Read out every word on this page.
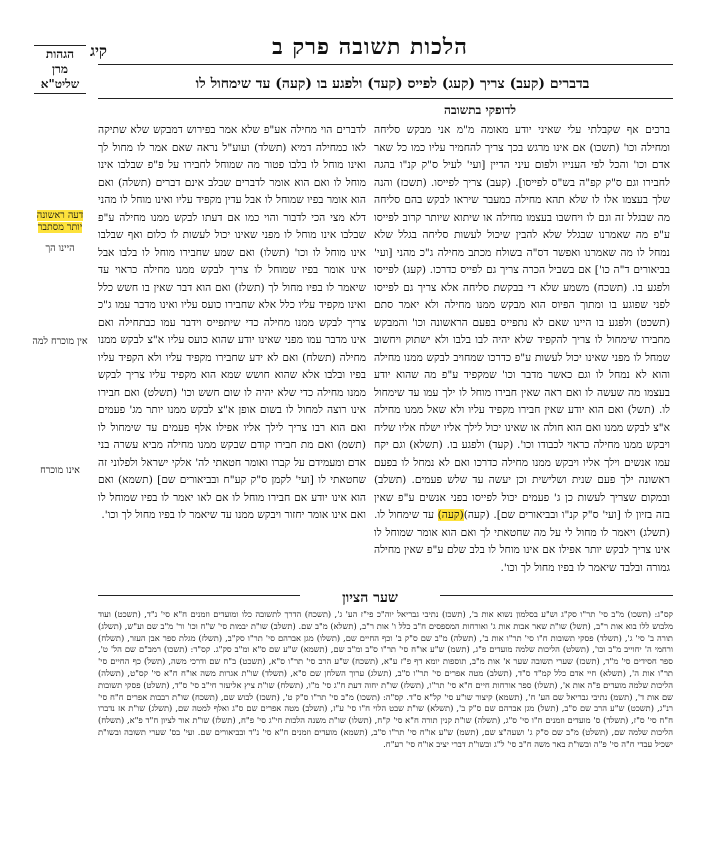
הגהות
מרן
שליט"א
קיג	הלכות תשובה פרק ב
בדברים (קעב) צריך (קעג) לפייס (קעד) ולפגע בו (קעה) עד שימחול לו
לדופקי בתשובה

ברכים אף שקבלתי עלי שאיני יודע מאומה מ"מ אני מבקש סליחה ומחילה וכו' (תשכו) אם אינו מרגש בכך צריך להחמיר עליו כמו כל שאר אדם וכו' והכל לפי הענייו ולפום עיני הדיין [ועי' לעיל ס"ק קנ"ו בהגה לחבירו וגם ס"ק קפ"ה בש"ס לפייסו]. (קעב) צריך לפייסו. (תשכז) והנה שלך בעצמו אלו לו שלא תהא מחילה כמעבר שיראו לבקש בהם סליחה מה שבגלל זה וגם לו ויחשבו בעצמו מחילה או שיתוא שיותר קרוב לפייסו ע"פ מה שאמרנו שבגלל שלא להבין שיכול לעשות סליחה בגלל שלא נמחל לו מה שאמרנו ואפשר דס"ה בשולח מכתב מחילה ג"כ מהני [ועי' בביאורים ד"ה כו'] אם בשביל הכרה צריך גם לפייס כדרכו. (קעג) לפייסו ולפגע בו. (תשכח) משמע שלא די בבקשת סליחה אלא צריך גם לפייסו לפני שפוגע בו ומתוך הפיוס הוא מבקש ממנו מחילה ולא יאמר סתם (תשכט) ולפגע בו היינו שאם לא נתפייס בפעם הראשונה וכו' והמבקש מחבירו שימחול לו צריך להקפיד שלא יהיה לבו בלבו ולא ישתוק ויחשוב שמחל לו מפני שאינו יכול לעשות ע"פ כדרכו שמחויב לבקש ממנו מחילה והוא לא נמחל לו וגם כאשר מדבר וכו' שמקפיד ע"פ מה שהוא יודע בעצמו מה שעשה לו ואם ראה שאין חבירו מוחל לו ילך עמו עד שימחול לו. (תשל) ואם הוא יודע שאין חבירו מקפיד עליו ולא שאל ממנו מחילה א"צ לבקש ממנו ואם הוא חולה או שאינו יכול לילך אליו ישלח אליו שליח ויבקש ממנו מחילה כראוי לכבודו וכו'. (קעד) ולפגע בו. (תשלא) וגם יקח עמו אנשים וילך אליו ויבקש ממנו מחילה כדרכו ואם לא נמחל לו בפעם ראשונה ילך פעם שנית ושלישית וכן יעשה עד שלש פעמים. (תשלב) ובמקום שצריך לעשות כן ג' פעמים יכול לפייסו בפני אנשים ע"פ שאין בזה בזיון לו [ועי' ס"ק קנ"ו ובביאורים שם]. (קעה)(קעה) עד שימחול לו. (תשלג) ויאמר לו מחול לי על מה שחטאתי לך ואם הוא אומר שמוחל לו אינו צריך לבקש יותר אפילו אם אינו מוחל לו בלב שלם ע"פ שאין מחילה גמורה ובלבד שיאמר לו בפיו מחול לך וכו'.

לדברים הוי מחילה אע"פ שלא אמר בפירוש דמבקש שלא שתיקה לאו כמחילה דמיא (תשלד) ועוע"ל נראה שאם אמר לו מחול לך ואינו מוחל לו בלבו פטור מה שמוחל לחבירו על פ"פ שבלבו אינו מוחל לו ואם הוא אומר לדברים שבלב אינם דברים (תשלה) ואם הוא אומר בפיו שמוחל לו אבל עדין מקפיד עליו ואינו מוחל לו מהני דלא מצי הכי לדבור והוי כמו אם דעתו לבקש ממנו מחילה ע"פ שבלבו אינו מוחל לו מפני שאינו יכול לעשות לו כלום ואף שבלבו אינו מוחל לו וכו' (תשלו) ואם שמע שחבירו מוחל לו בלבו אבל אינו אומר בפיו שמוחל לו צריך לבקש ממנו מחילה כראוי עד שיאמר לו בפיו מחול לך (תשלז) ואם הוא דבר שאין בו חשש כלל ואינו מקפיד עליו כלל אלא שחבירו כועס עליו ואינו מדבר עמו ג"כ צריך לבקש ממנו מחילה כדי שיתפייס וידבר עמו כבתחילה ואם אינו מדבר עמו מפני שאינו יודע שהוא כועס עליו א"צ לבקש ממנו מחילה (תשלח) ואם לא ידע שחבירו מקפיד עליו ולא הקפיד עליו בפיו ובלבו אלא שהוא חושש שמא הוא מקפיד עליו צריך לבקש ממנו מחילה כדי שלא יהיה לו שום חשש וכו' (תשלט) ואם חבירו אינו רוצה למחול לו בשום אופן א"צ לבקש ממנו יותר מג' פעמים ואם הוא רבו צריך לילך אליו אפילו אלף פעמים עד שימחול לו (תשמ) ואם מת חבירו קודם שבקש ממנו מחילה מביא עשרה בני אדם ומעמידם על קברו ואומר חטאתי לה' אלקי ישראל ולפלוני זה שחטאתי לו [ועי' לקמן ס"ק קע"ח ובביאורים שם] (תשמא) ואם הוא אינו יודע אם חבירו מוחל לו אם לאו יאמר לו בפיו שמוחל לו ואם אינו אומר יחזור ויבקש ממנו עד שיאמר לו בפיו מחול לך וכו'.

דעה ראשונה יותר מסתבר
היינו הך
אין מוכרח למה
אינו מוכרח
שער הציון

קס"ג: (תשכו) מ"ב סי' תר"ו סק"ג וש"ע בסלמון נשוא אות ב', (תשכז) נתיבי גבריאל יוה"כ פי"ז הע' ג', (תשכח) הדרך לתשובה כלו ומועדים וזמנים ח"א סי' נ"ד, (תשכט) ועוד מלבוש ללו בוא אות ר"ב, (תשל) שו"ת שאר אבות אות ג' ואורחות המספסים ח"ב כלל ו' אות ר"ב, (תשלא) מ"ב שם. (תשלב) שו"ת יבמות סי' ש"ח וכו' ור' מ"ב שם וע"ש, (תשלג) תורה ב' סי' ג', (תשלד) פסקי תשובות ח"ו סי' תר"ו אות ב', (תשלה) מ"ב שם ס"ק ב' וכף החיים שם, (תשלו) מגן אברהם סי' תר"ו סק"ב, (תשלז) מגלת ספר אבן העזר, (תשלח) ורחמי ה' יחוייב מ"ב וכו', (תשלט) הליכות שלמה מועדים פ"ג, (תשמ) ש"ע או"ח סי' תר"ו ס"ב ומ"ב שם, (תשמא) ש"ע שם ס"א ומ"ב סק"ג. קס"ד: (תשכו) רמב"ם שם הל' ט', ספר חסידים סי' מ"ד, (תשכז) שערי תשובה שער א' אות מ"ב, תוספות יומא דף פ"ז ע"א, (תשכח) ש"ע הרב סי' תר"ו ס"א, (תשכט) ב"ח שם ודרכי משה, (תשל) כף החיים סי' תר"ו אות ה', (תשלא) חיי אדם כלל קמ"ד ס"ד, (תשלב) מטה אפרים סי' תר"ו ס"ב, (תשלג) ערוך השלחן שם ס"א, (תשלד) שו"ת אגרות משה או"ח ח"א סי' קס"ט, (תשלה) הליכות שלמה מועדים פ"ה אות א', (תשלו) ספר אורחות חיים ח"א סי' תר"ו, (תשלז) שו"ת יחוה דעת ח"ג סי' מ"ו, (תשלח) שו"ת ציץ אליעזר חי"ב סי' ס"ד, (תשלט) פסקי תשובות שם אות ד', (תשמ) נתיבי גבריאל שם הע' ח', (תשמא) קיצור שו"ע סי' קל"א ס"ד. קס"ה: (תשכו) מ"ב סי' תר"ו ס"ק ט', (תשכז) לבוש שם, (תשכח) שו"ת רבבות אפרים ח"ח סי' רנ"ג, (תשכט) ש"ע הרב שם ס"ב, (תשל) מגן אברהם שם ס"ק ב', (תשלא) שו"ת שבט הלוי ח"ו סי' ע"ז, (תשלב) מטה אפרים שם ס"ג ואלף למטה שם, (תשלג) שו"ת אז נדברו ח"ח סי' ס"ז, (תשלד) ס' מועדים וזמנים ח"ו סי' ס"ג, (תשלה) שו"ת קנין תורה ח"א סי' ק"ח, (תשלו) שו"ת משנה הלכות חי"ג סי' פ"ח, (תשלז) שו"ת אור לציון ח"ד פ"א, (תשלח) הליכות שלמה שם, (תשלט) מ"ב שם ס"ק ג' ושעה"צ שם, (תשמ) ש"ע או"ח סי' תר"ו ס"ב, (תשמא) מועדים וזמנים ח"א סי' נ"ד ובביאורים שם. ועי' בס' שערי תשובה ובשו"ת ישכיל עבדי ח"ה סי' פ"ה ובשו"ת באר משה ח"ב סי' ל"ג ובשו"ת דברי יציב או"ח סי' רע"ח.
